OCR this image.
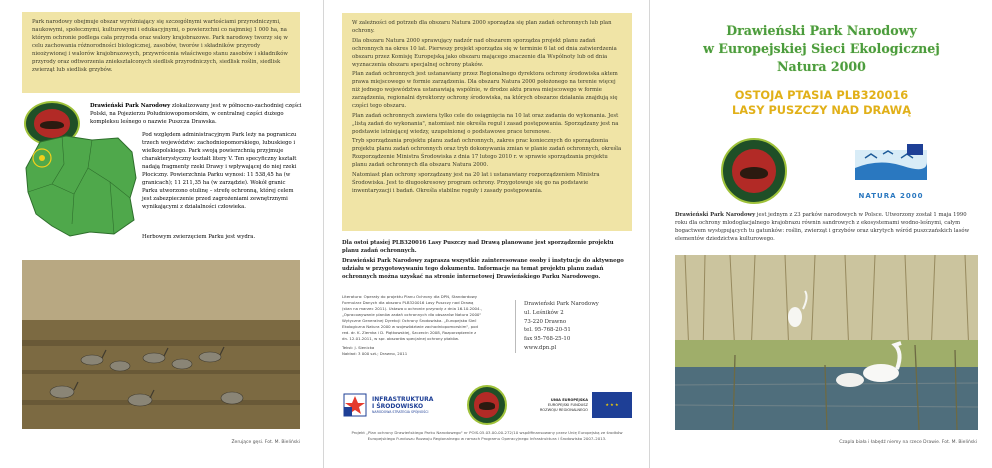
Park narodowy obejmuje obszar wyróżniający się szczególnymi wartościami przyrodniczymi, naukowymi, społecznymi, kulturowymi i edukacyjnymi, o powierzchni co najmniej 1 000 ha, na którym ochronie podlega cała przyroda oraz walory krajobrazowe. Park narodowy tworzy się w celu zachowania różnorodności biologicznej, zasobów, tworów i składników przyrody nieożywionej i walorów krajobrazowych, przywrócenia właściwego stanu zasobów i składników przyrody oraz odtworzenia zniekształconych siedlisk przyrodniczych, siedlisk roślin, siedlisk zwierząt lub siedlisk grzybów.
Drawieński Park Narodowy zlokalizowany jest w północno-zachodniej części Polski, na Pojezierzu Południowopomorskim, w centralnej części dużego kompleksu leśnego o nazwie Puszcza Drawska.
Pod względem administracyjnym Park leży na pograniczu trzech województw: zachodniopomorskiego, lubuskiego i wielkopolskiego. Park swoją powierzchnią przyjmuje charakterystyczny kształt litery V. Ten specyficzny kształt nadają fragmenty rzeki Drawy i wpływającej do niej rzeki Płociczny. Powierzchnia Parku wynosi: 11 538,45 ha (w granicach); 11 211,35 ha (w zarządzie). Wokół granic Parku utworzono otulinę – strefę ochronną, której celem jest zabezpieczenie przed zagrożeniami zewnętrznymi wynikającymi z działalności człowieka.
Herbowym zwierzęciem Parku jest wydra.
Żerujące gęsi. Fot. M. Bieliński

W zależności od potrzeb dla obszaru Natura 2000 sporządza się plan zadań ochronnych lub plan ochrony.

Dla obszaru Natura 2000 sprawujący nadzór nad obszarem sporządza projekt planu zadań ochronnych na okres 10 lat. Pierwszy projekt sporządza się w terminie 6 lat od dnia zatwierdzenia obszaru przez Komisję Europejską jako obszaru mającego znaczenie dla Wspólnoty lub od dnia wyznaczenia obszaru specjalnej ochrony ptaków.

Plan zadań ochronnych jest ustanawiany przez Regionalnego dyrektora ochrony środowiska aktem prawa miejscowego w formie zarządzenia. Dla obszaru Natura 2000 położonego na terenie więcej niż jednego województwa ustanawiają wspólnie, w drodze aktu prawa miejscowego w formie zarządzenia, regionalni dyrektorzy ochrony środowiska, na których obszarze działania znajdują się części tego obszaru.

Plan zadań ochronnych zawiera tylko cele do osiągnięcia na 10 lat oraz zadania do wykonania. Jest „listą zadań do wykonania", natomiast nie określa reguł i zasad postępowania. Sporządzany jest na podstawie istniejącej wiedzy, uzupełnionej o podstawowe prace terenowe.

Tryb sporządzania projektu planu zadań ochronnych, zakres prac koniecznych do sporządzenia projektu planu zadań ochronnych oraz tryb dokonywania zmian w planie zadań ochronnych, określa Rozporządzenie Ministra Środowiska z dnia 17 lutego 2010 r. w sprawie sporządzania projektu planu zadań ochronnych dla obszaru Natura 2000.

Natomiast plan ochrony sporządzany jest na 20 lat i ustanawiany rozporządzeniem Ministra Środowiska. Jest to długookresowy program ochrony. Przygotowuje się go na podstawie inwentaryzacji i badań. Określa stabilne reguły i zasady postępowania.

Dla ostoi ptasiej PLB320016 Lasy Puszczy nad Drawą planowane jest sporządzenie projektu planu zadań ochronnych.

Drawieński Park Narodowy zaprasza wszystkie zainteresowane osoby i instytucje do aktywnego udziału w przygotowywaniu tego dokumentu. Informacje na temat projektu planu zadań ochronnych można uzyskać na stronie internetowej Drawieńskiego Parku Narodowego.

Literatura: Operaty do projektu Planu Ochrony dla DPN, Standardowy Formularz Danych dla obszaru PLB320016 Lasy Puszczy nad Drawą (stan na marzec 2011). Ustawa o ochronie przyrody z dnia 16.10.2004., „Opracowywanie planów zadań ochronnych dla obszarów Natura 2000" Wytyczne Generalnej Dyrekcji Ochrony Środowiska. „Europejska Sieć Ekologiczna Natura 2000 w województwie zachodniopomorskim", pod red. dr. K. Ziemka i D. Piątkowskiej, Szczecin 2008, Rozporządzenie z dn. 12.01.2011, w spr. obszarów specjalnej ochrony ptaków.
Tekst: J. Sienicka
Nakład: 3 000 szt.; Drawno, 2011
Drawieński Park Narodowy
ul. Leśników 2
73-220 Drawno
tel. 95-768-20-51
fax 95-768-25-10
www.dpn.pl
INFRASTRUKTURA
I ŚRODOWISKO
NARODOWA STRATEGIA SPÓJNOŚCI
UNIA EUROPEJSKA
EUROPEJSKI FUNDUSZ
ROZWOJU REGIONALNEGO
★ ★ ★
Projekt „Plan ochrony Drawieńskiego Parku Narodowego" nr POIS.05.03.00-00-272/10 współfinansowany przez Unię Europejską ze środków Europejskiego Funduszu Rozwoju Regionalnego w ramach Programu Operacyjnego Infrastruktura i Środowisko 2007–2013.
Drawieński Park Narodowy
w Europejskiej Sieci Ekologicznej
Natura 2000
OSTOJA PTASIA PLB320016
LASY PUSZCZY NAD DRAWĄ
NATURA 2000
Drawieński Park Narodowy jest jednym z 23 parków narodowych w Polsce. Utworzony został 1 maja 1990 roku dla ochrony mlodoglacjalnego krajobrazu równin sandrowych z ekosystemami wodno-leśnymi, całym bogactwem występujących tu gatunków: roślin, zwierząt i grzybów oraz ukrytych wśród puszczańskich lasów elementów dziedzictwa kulturowego.
Czapla biała i łabędź niemy na rzece Drawie. Fot. M. Bieliński
